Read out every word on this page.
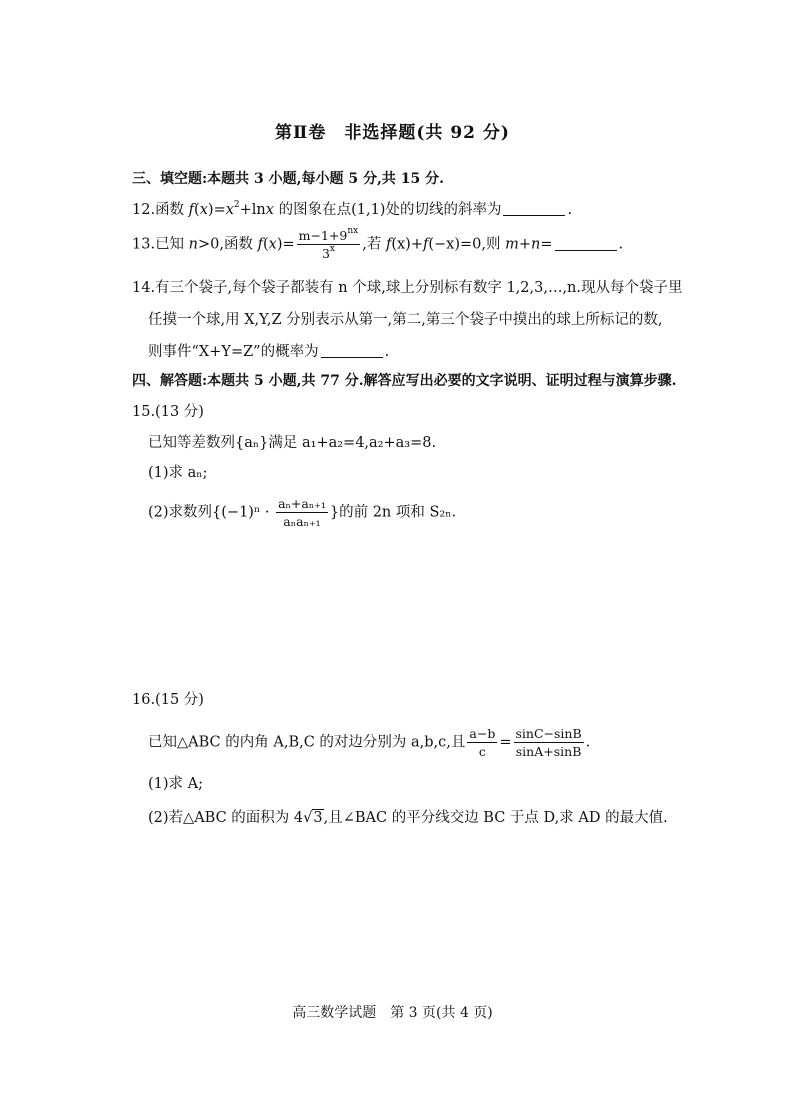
第Ⅱ卷　非选择题(共 92 分)
三、填空题:本题共 3 小题,每小题 5 分,共 15 分.
12.函数 $f(x)=x^2+\ln x$ 的图象在点(1,1)处的切线的斜率为	.
13.已知 n>0,函数 $f(x)= \frac{m-1+9^{nx}}{3^x}$ ,若 f(x)+f(−x)=0,则 m+n=	.
14.有三个袋子,每个袋子都装有 n 个球,球上分别标有数字 1,2,3,…,n.现从每个袋子里
任摸一个球,用 X,Y,Z 分别表示从第一,第二,第三个袋子中摸出的球上所标记的数,
则事件“X+Y=Z”的概率为	.
四、解答题:本题共 5 小题,共 77 分.解答应写出必要的文字说明、证明过程与演算步骤.
15.(13 分)
已知等差数列{aₙ}满足 a₁+a₂=4,a₂+a₃=8.
(1)求 aₙ;
(2)求数列{$(-1)^n \cdot \frac{\text{aₙ+aₙ₊₁}}{\text{aₙaₙ₊₁}}$ }的前 2n 项和 S₂ₙ.
16.(15 分)
已知△ABC 的内角 A,B,C 的对边分别为 a,b,c,且 $\frac{a-b}{c} = \frac{\sin C-\sin B}{\sin A+\sin B}$ .
(1)求 A;
(2)若△ABC 的面积为 4√3,且∠BAC 的平分线交边 BC 于点 D,求 AD 的最大值.
高三数学试题　第 3 页(共 4 页)
